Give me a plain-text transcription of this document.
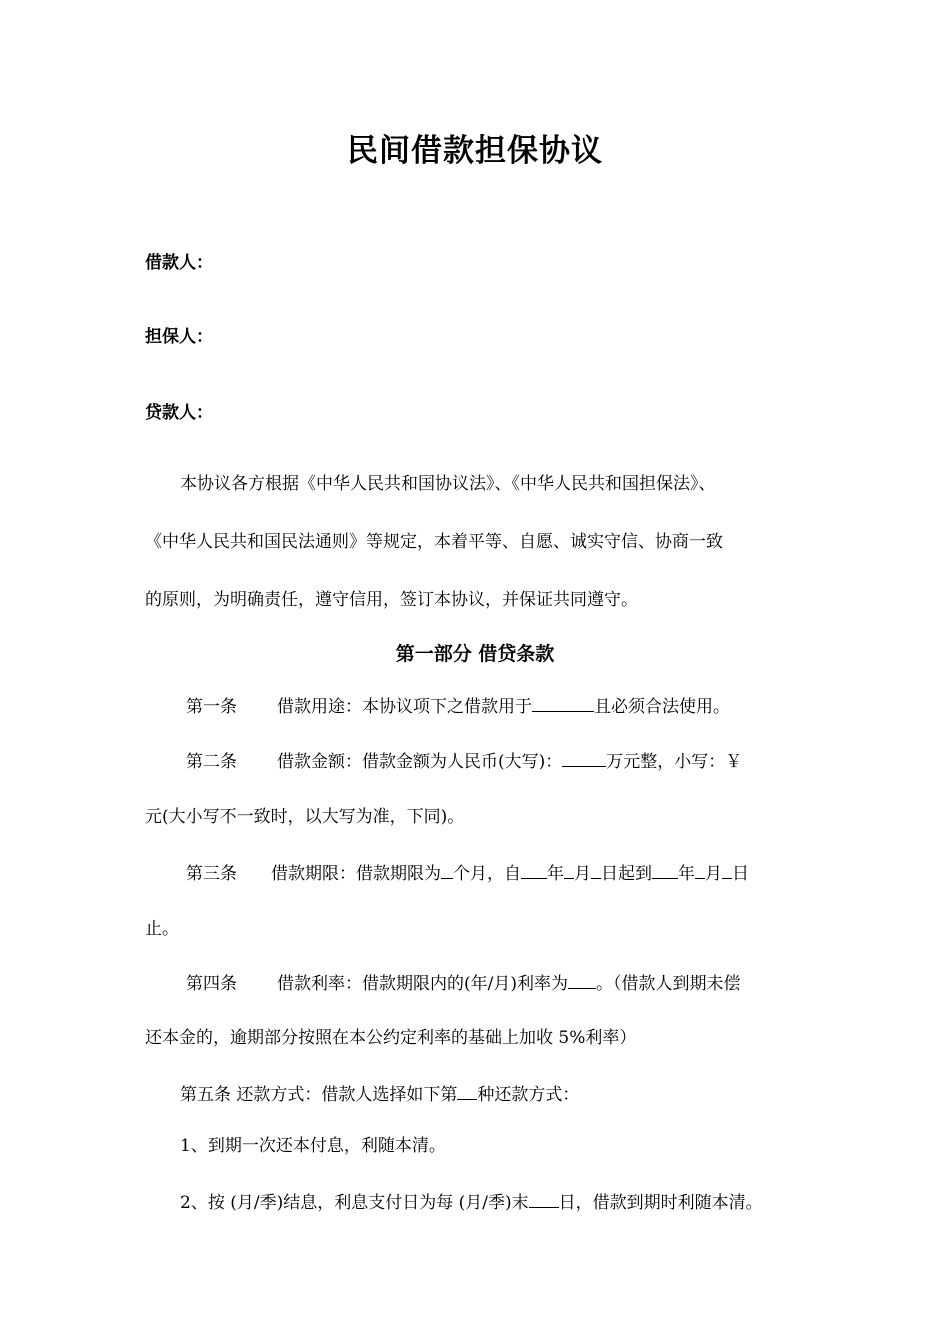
民间借款担保协议
借款人：
担保人：
贷款人：
本协议各方根据《中华人民共和国协议法》、《中华人民共和国担保法》、
《中华人民共和国民法通则》等规定，本着平等、自愿、诚实守信、协商一致
的原则，为明确责任，遵守信用，签订本协议，并保证共同遵守。
第一部分 借贷条款
第一条 借款用途：本协议项下之借款用于	且必须合法使用。
第二条 借款金额：借款金额为人民币(大写)：	万元整，小写：￥
元(大小写不一致时，以大写为准，下同)。
第三条 借款期限：借款期限为 个月，自 年 月 日起到 年 月 日
止。
第四条 借款利率：借款期限内的(年/月)利率为 。（借款人到期未偿
还本金的，逾期部分按照在本公约定利率的基础上加收 5%利率）
第五条 还款方式：借款人选择如下第 种还款方式：
1、到期一次还本付息，利随本清。
2、按 (月/季)结息，利息支付日为每 (月/季)末 日，借款到期时利随本清。
